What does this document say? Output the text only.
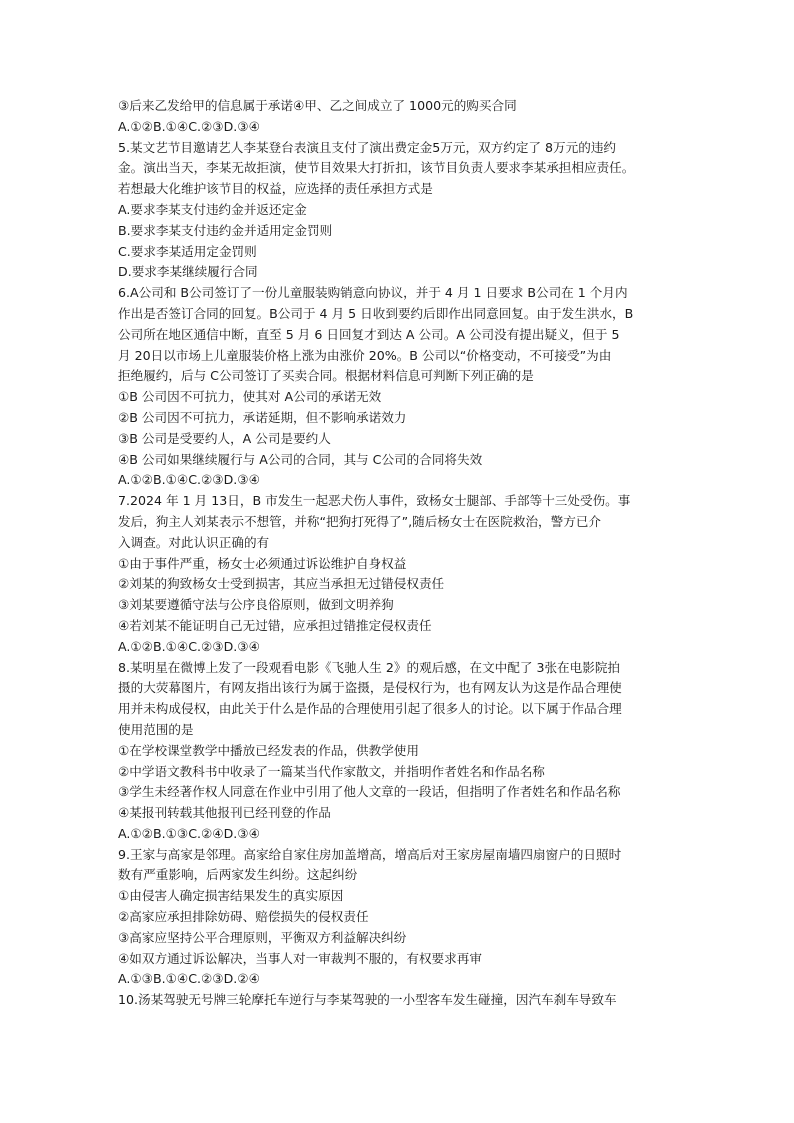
③后来乙发给甲的信息属于承诺④甲、乙之间成立了 1000元的购买合同
A.①②B.①④C.②③D.③④
5.某文艺节目邀请艺人李某登台表演且支付了演出费定金5万元，双方约定了 8万元的违约
金。演出当天，李某无故拒演，使节目效果大打折扣，该节目负责人要求李某承担相应责任。
若想最大化维护该节目的权益，应选择的责任承担方式是
A.要求李某支付违约金并返还定金
B.要求李某支付违约金并适用定金罚则
C.要求李某适用定金罚则
D.要求李某继续履行合同
6.A公司和 B公司签订了一份儿童服装购销意向协议，并于 4 月 1 日要求 B公司在 1 个月内
作出是否签订合同的回复。B公司于 4 月 5 日收到要约后即作出同意回复。由于发生洪水，B
公司所在地区通信中断，直至 5 月 6 日回复才到达 A 公司。A 公司没有提出疑义，但于 5
月 20日以市场上儿童服装价格上涨为由涨价 20%。B 公司以“价格变动，不可接受”为由
拒绝履约，后与 C公司签订了买卖合同。根据材料信息可判断下列正确的是
①B 公司因不可抗力，使其对 A公司的承诺无效
②B 公司因不可抗力，承诺延期，但不影响承诺效力
③B 公司是受要约人，A 公司是要约人
④B 公司如果继续履行与 A公司的合同，其与 C公司的合同将失效
A.①②B.①④C.②③D.③④
7.2024 年 1 月 13日，B 市发生一起恶犬伤人事件，致杨女士腿部、手部等十三处受伤。事
发后，狗主人刘某表示不想管，并称“把狗打死得了”,随后杨女士在医院救治，警方已介
入调查。对此认识正确的有
①由于事件严重，杨女士必须通过诉讼维护自身权益
②刘某的狗致杨女士受到损害，其应当承担无过错侵权责任
③刘某要遵循守法与公序良俗原则，做到文明养狗
④若刘某不能证明自己无过错，应承担过错推定侵权责任
A.①②B.①④C.②③D.③④
8.某明星在微博上发了一段观看电影《飞驰人生 2》的观后感，在文中配了 3张在电影院拍
摄的大荧幕图片，有网友指出该行为属于盗摄，是侵权行为，也有网友认为这是作品合理使
用并未构成侵权，由此关于什么是作品的合理使用引起了很多人的讨论。以下属于作品合理
使用范围的是
①在学校课堂教学中播放已经发表的作品，供教学使用
②中学语文教科书中收录了一篇某当代作家散文，并指明作者姓名和作品名称
③学生未经著作权人同意在作业中引用了他人文章的一段话，但指明了作者姓名和作品名称
④某报刊转载其他报刊已经刊登的作品
A.①②B.①③C.②④D.③④
9.王家与高家是邻理。高家给自家住房加盖增高，增高后对王家房屋南墙四扇窗户的日照时
数有严重影响，后两家发生纠纷。这起纠纷
①由侵害人确定损害结果发生的真实原因
②高家应承担排除妨碍、赔偿损失的侵权责任
③高家应坚持公平合理原则，平衡双方利益解决纠纷
④如双方通过诉讼解决，当事人对一审裁判不服的，有权要求再审
A.①③B.①④C.②③D.②④
10.汤某驾驶无号牌三轮摩托车逆行与李某驾驶的一小型客车发生碰撞，因汽车刹车导致车
